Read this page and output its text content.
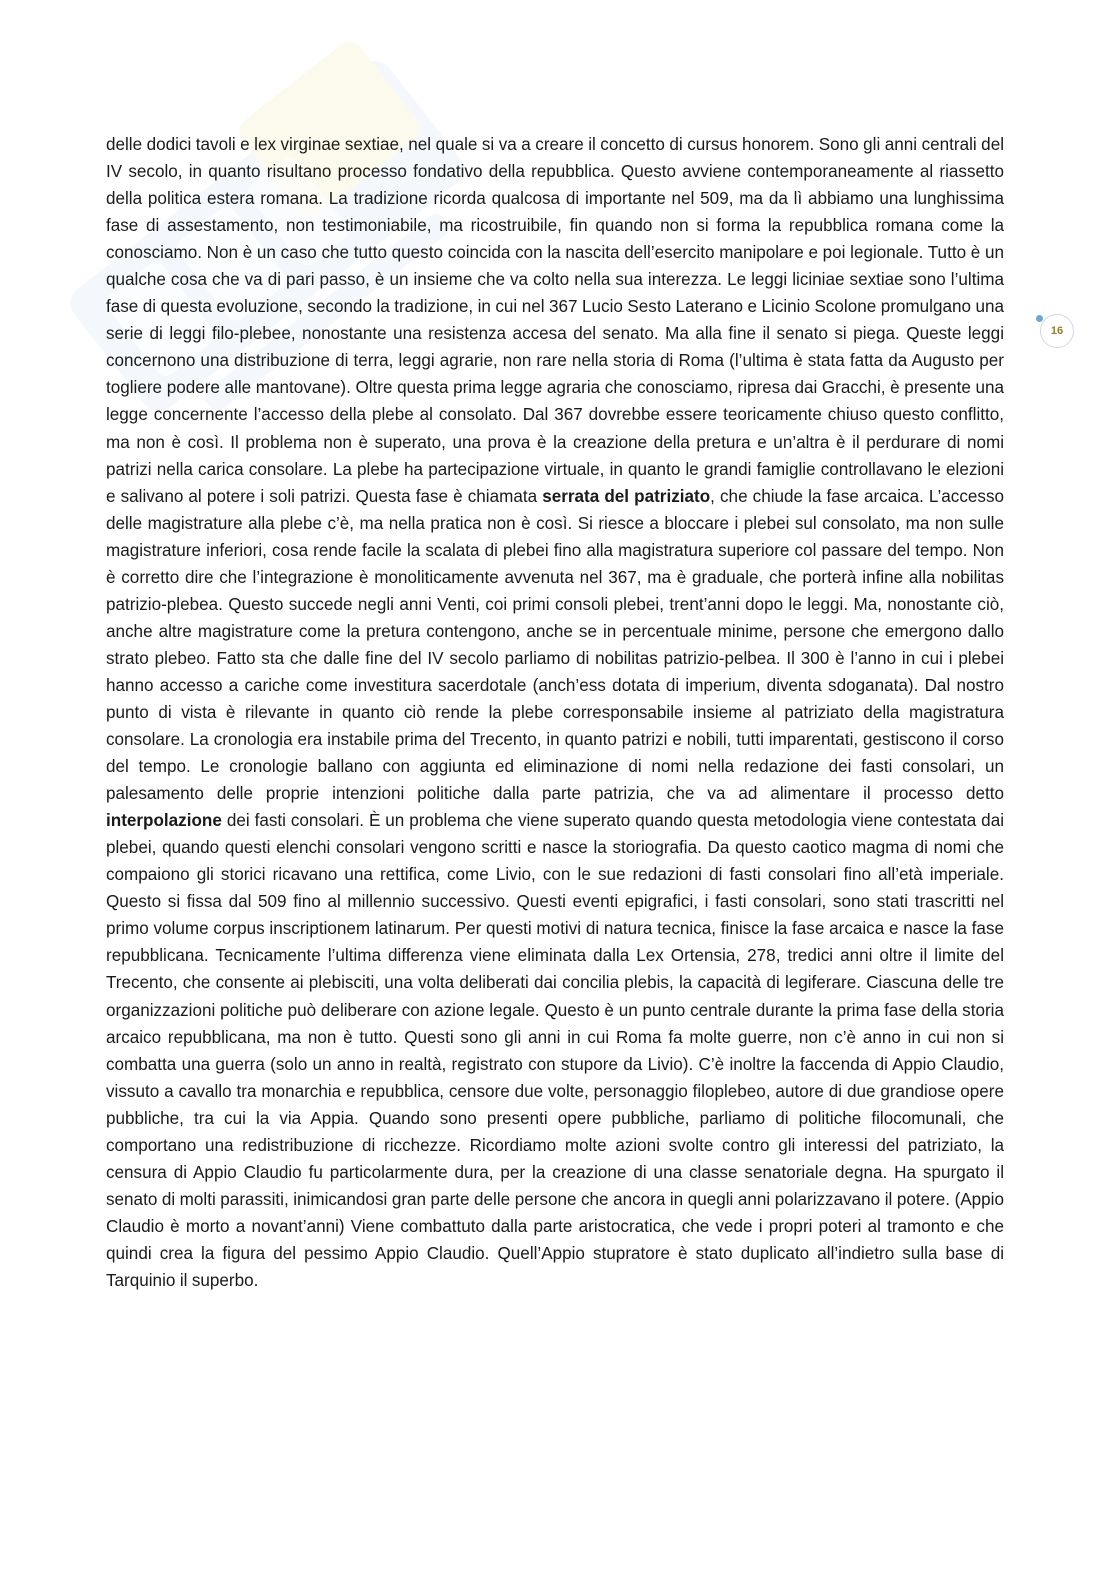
delle dodici tavoli e lex virginae sextiae, nel quale si va a creare il concetto di cursus honorem. Sono gli anni centrali del IV secolo, in quanto risultano processo fondativo della repubblica. Questo avviene contemporaneamente al riassetto della politica estera romana. La tradizione ricorda qualcosa di importante nel 509, ma da lì abbiamo una lunghissima fase di assestamento, non testimoniabile, ma ricostruibile, fin quando non si forma la repubblica romana come la conosciamo. Non è un caso che tutto questo coincida con la nascita dell’esercito manipolare e poi legionale. Tutto è un qualche cosa che va di pari passo, è un insieme che va colto nella sua interezza. Le leggi liciniae sextiae sono l’ultima fase di questa evoluzione, secondo la tradizione, in cui nel 367 Lucio Sesto Laterano e Licinio Scolone promulgano una serie di leggi filo-plebee, nonostante una resistenza accesa del senato. Ma alla fine il senato si piega. Queste leggi concernono una distribuzione di terra, leggi agrarie, non rare nella storia di Roma (l’ultima è stata fatta da Augusto per togliere podere alle mantovane). Oltre questa prima legge agraria che conosciamo, ripresa dai Gracchi, è presente una legge concernente l’accesso della plebe al consolato. Dal 367 dovrebbe essere teoricamente chiuso questo conflitto, ma non è così. Il problema non è superato, una prova è la creazione della pretura e un’altra è il perdurare di nomi patrizi nella carica consolare. La plebe ha partecipazione virtuale, in quanto le grandi famiglie controllavano le elezioni e salivano al potere i soli patrizi. Questa fase è chiamata serrata del patriziato, che chiude la fase arcaica. L’accesso delle magistrature alla plebe c’è, ma nella pratica non è così. Si riesce a bloccare i plebei sul consolato, ma non sulle magistrature inferiori, cosa rende facile la scalata di plebei fino alla magistratura superiore col passare del tempo. Non è corretto dire che l’integrazione è monoliticamente avvenuta nel 367, ma è graduale, che porterà infine alla nobilitas patrizio-plebea. Questo succede negli anni Venti, coi primi consoli plebei, trent’anni dopo le leggi. Ma, nonostante ciò, anche altre magistrature come la pretura contengono, anche se in percentuale minime, persone che emergono dallo strato plebeo. Fatto sta che dalle fine del IV secolo parliamo di nobilitas patrizio-pelbea. Il 300 è l’anno in cui i plebei hanno accesso a cariche come investitura sacerdotale (anch’ess dotata di imperium, diventa sdoganata). Dal nostro punto di vista è rilevante in quanto ciò rende la plebe corresponsabile insieme al patriziato della magistratura consolare. La cronologia era instabile prima del Trecento, in quanto patrizi e nobili, tutti imparentati, gestiscono il corso del tempo. Le cronologie ballano con aggiunta ed eliminazione di nomi nella redazione dei fasti consolari, un palesamento delle proprie intenzioni politiche dalla parte patrizia, che va ad alimentare il processo detto interpolazione dei fasti consolari. È un problema che viene superato quando questa metodologia viene contestata dai plebei, quando questi elenchi consolari vengono scritti e nasce la storiografia. Da questo caotico magma di nomi che compaiono gli storici ricavano una rettifica, come Livio, con le sue redazioni di fasti consolari fino all’età imperiale. Questo si fissa dal 509 fino al millennio successivo. Questi eventi epigrafici, i fasti consolari, sono stati trascritti nel primo volume corpus inscriptionem latinarum. Per questi motivi di natura tecnica, finisce la fase arcaica e nasce la fase repubblicana. Tecnicamente l’ultima differenza viene eliminata dalla Lex Ortensia, 278, tredici anni oltre il limite del Trecento, che consente ai plebisciti, una volta deliberati dai concilia plebis, la capacità di legiferare. Ciascuna delle tre organizzazioni politiche può deliberare con azione legale. Questo è un punto centrale durante la prima fase della storia arcaico repubblicana, ma non è tutto. Questi sono gli anni in cui Roma fa molte guerre, non c’è anno in cui non si combatta una guerra (solo un anno in realtà, registrato con stupore da Livio). C’è inoltre la faccenda di Appio Claudio, vissuto a cavallo tra monarchia e repubblica, censore due volte, personaggio filoplebeo, autore di due grandiose opere pubbliche, tra cui la via Appia. Quando sono presenti opere pubbliche, parliamo di politiche filocomunali, che comportano una redistribuzione di ricchezze. Ricordiamo molte azioni svolte contro gli interessi del patriziato, la censura di Appio Claudio fu particolarmente dura, per la creazione di una classe senatoriale degna. Ha spurgato il senato di molti parassiti, inimicandosi gran parte delle persone che ancora in quegli anni polarizzavano il potere. (Appio Claudio è morto a novant’anni) Viene combattuto dalla parte aristocratica, che vede i propri poteri al tramonto e che quindi crea la figura del pessimo Appio Claudio. Quell’Appio stupratore è stato duplicato all’indietro sulla base di Tarquinio il superbo.

16
